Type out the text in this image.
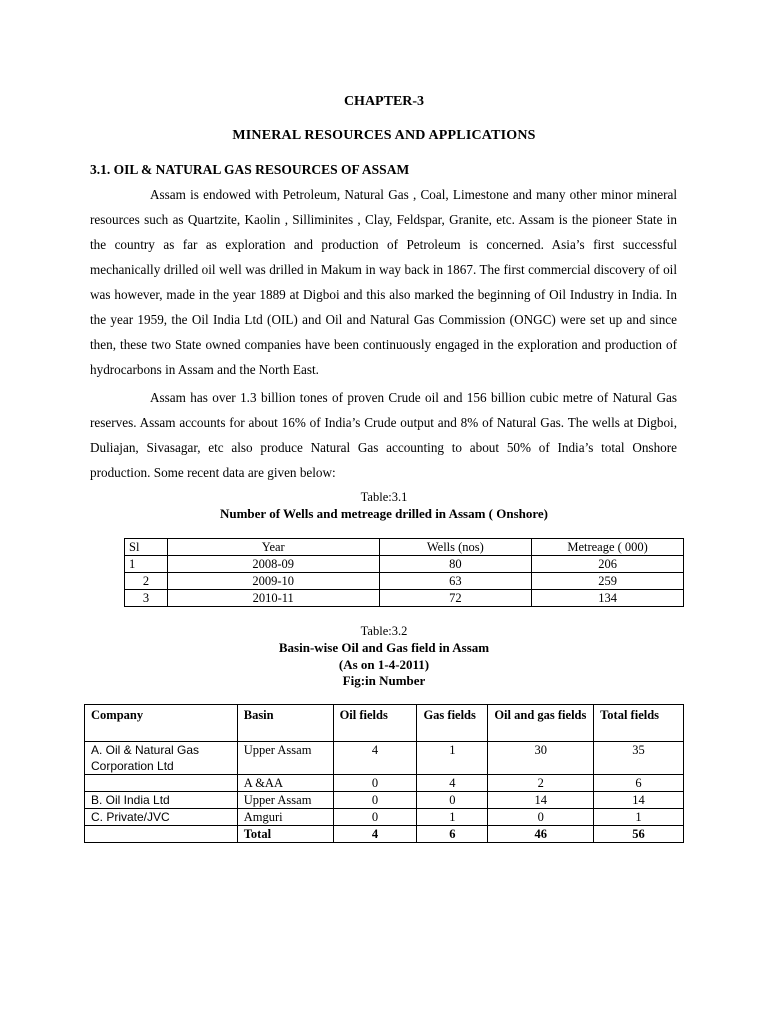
CHAPTER-3
MINERAL RESOURCES AND APPLICATIONS
3.1. OIL & NATURAL GAS RESOURCES OF ASSAM

Assam is endowed with Petroleum, Natural Gas , Coal, Limestone and many other minor mineral resources such as Quartzite, Kaolin , Silliminites , Clay, Feldspar, Granite, etc. Assam is the pioneer State in the country as far as exploration and production of Petroleum is concerned. Asia’s first successful mechanically drilled oil well was drilled in Makum in way back in 1867. The first commercial discovery of oil was however, made in the year 1889 at Digboi and this also marked the beginning of Oil Industry in India. In the year 1959, the Oil India Ltd (OIL) and Oil and Natural Gas Commission (ONGC) were set up and since then, these two State owned companies have been continuously engaged in the exploration and production of hydrocarbons in Assam and the North East.

Assam has over 1.3 billion tones of proven Crude oil and 156 billion cubic metre of Natural Gas reserves. Assam accounts for about 16% of India’s Crude output and 8% of Natural Gas. The wells at Digboi, Duliajan, Sivasagar, etc also produce Natural Gas accounting to about 50% of India’s total Onshore production. Some recent data are given below:

Table:3.1
Number of Wells and metreage drilled in Assam ( Onshore)
Sl	Year	Wells (nos)	Metreage ( 000)
1	2008-09	80	206
2	2009-10	63	259
3	2010-11	72	134
Table:3.2
Basin-wise Oil and Gas field in Assam
(As on 1-4-2011)
Fig:in Number
Company	Basin	Oil fields	Gas fields	Oil and gas fields	Total fields
A. Oil & Natural Gas Corporation Ltd	Upper Assam	4	1	30	35
	A &AA	0	4	2	6
B. Oil India Ltd	Upper Assam	0	0	14	14
C. Private/JVC	Amguri	0	1	0	1
	Total	4	6	46	56
